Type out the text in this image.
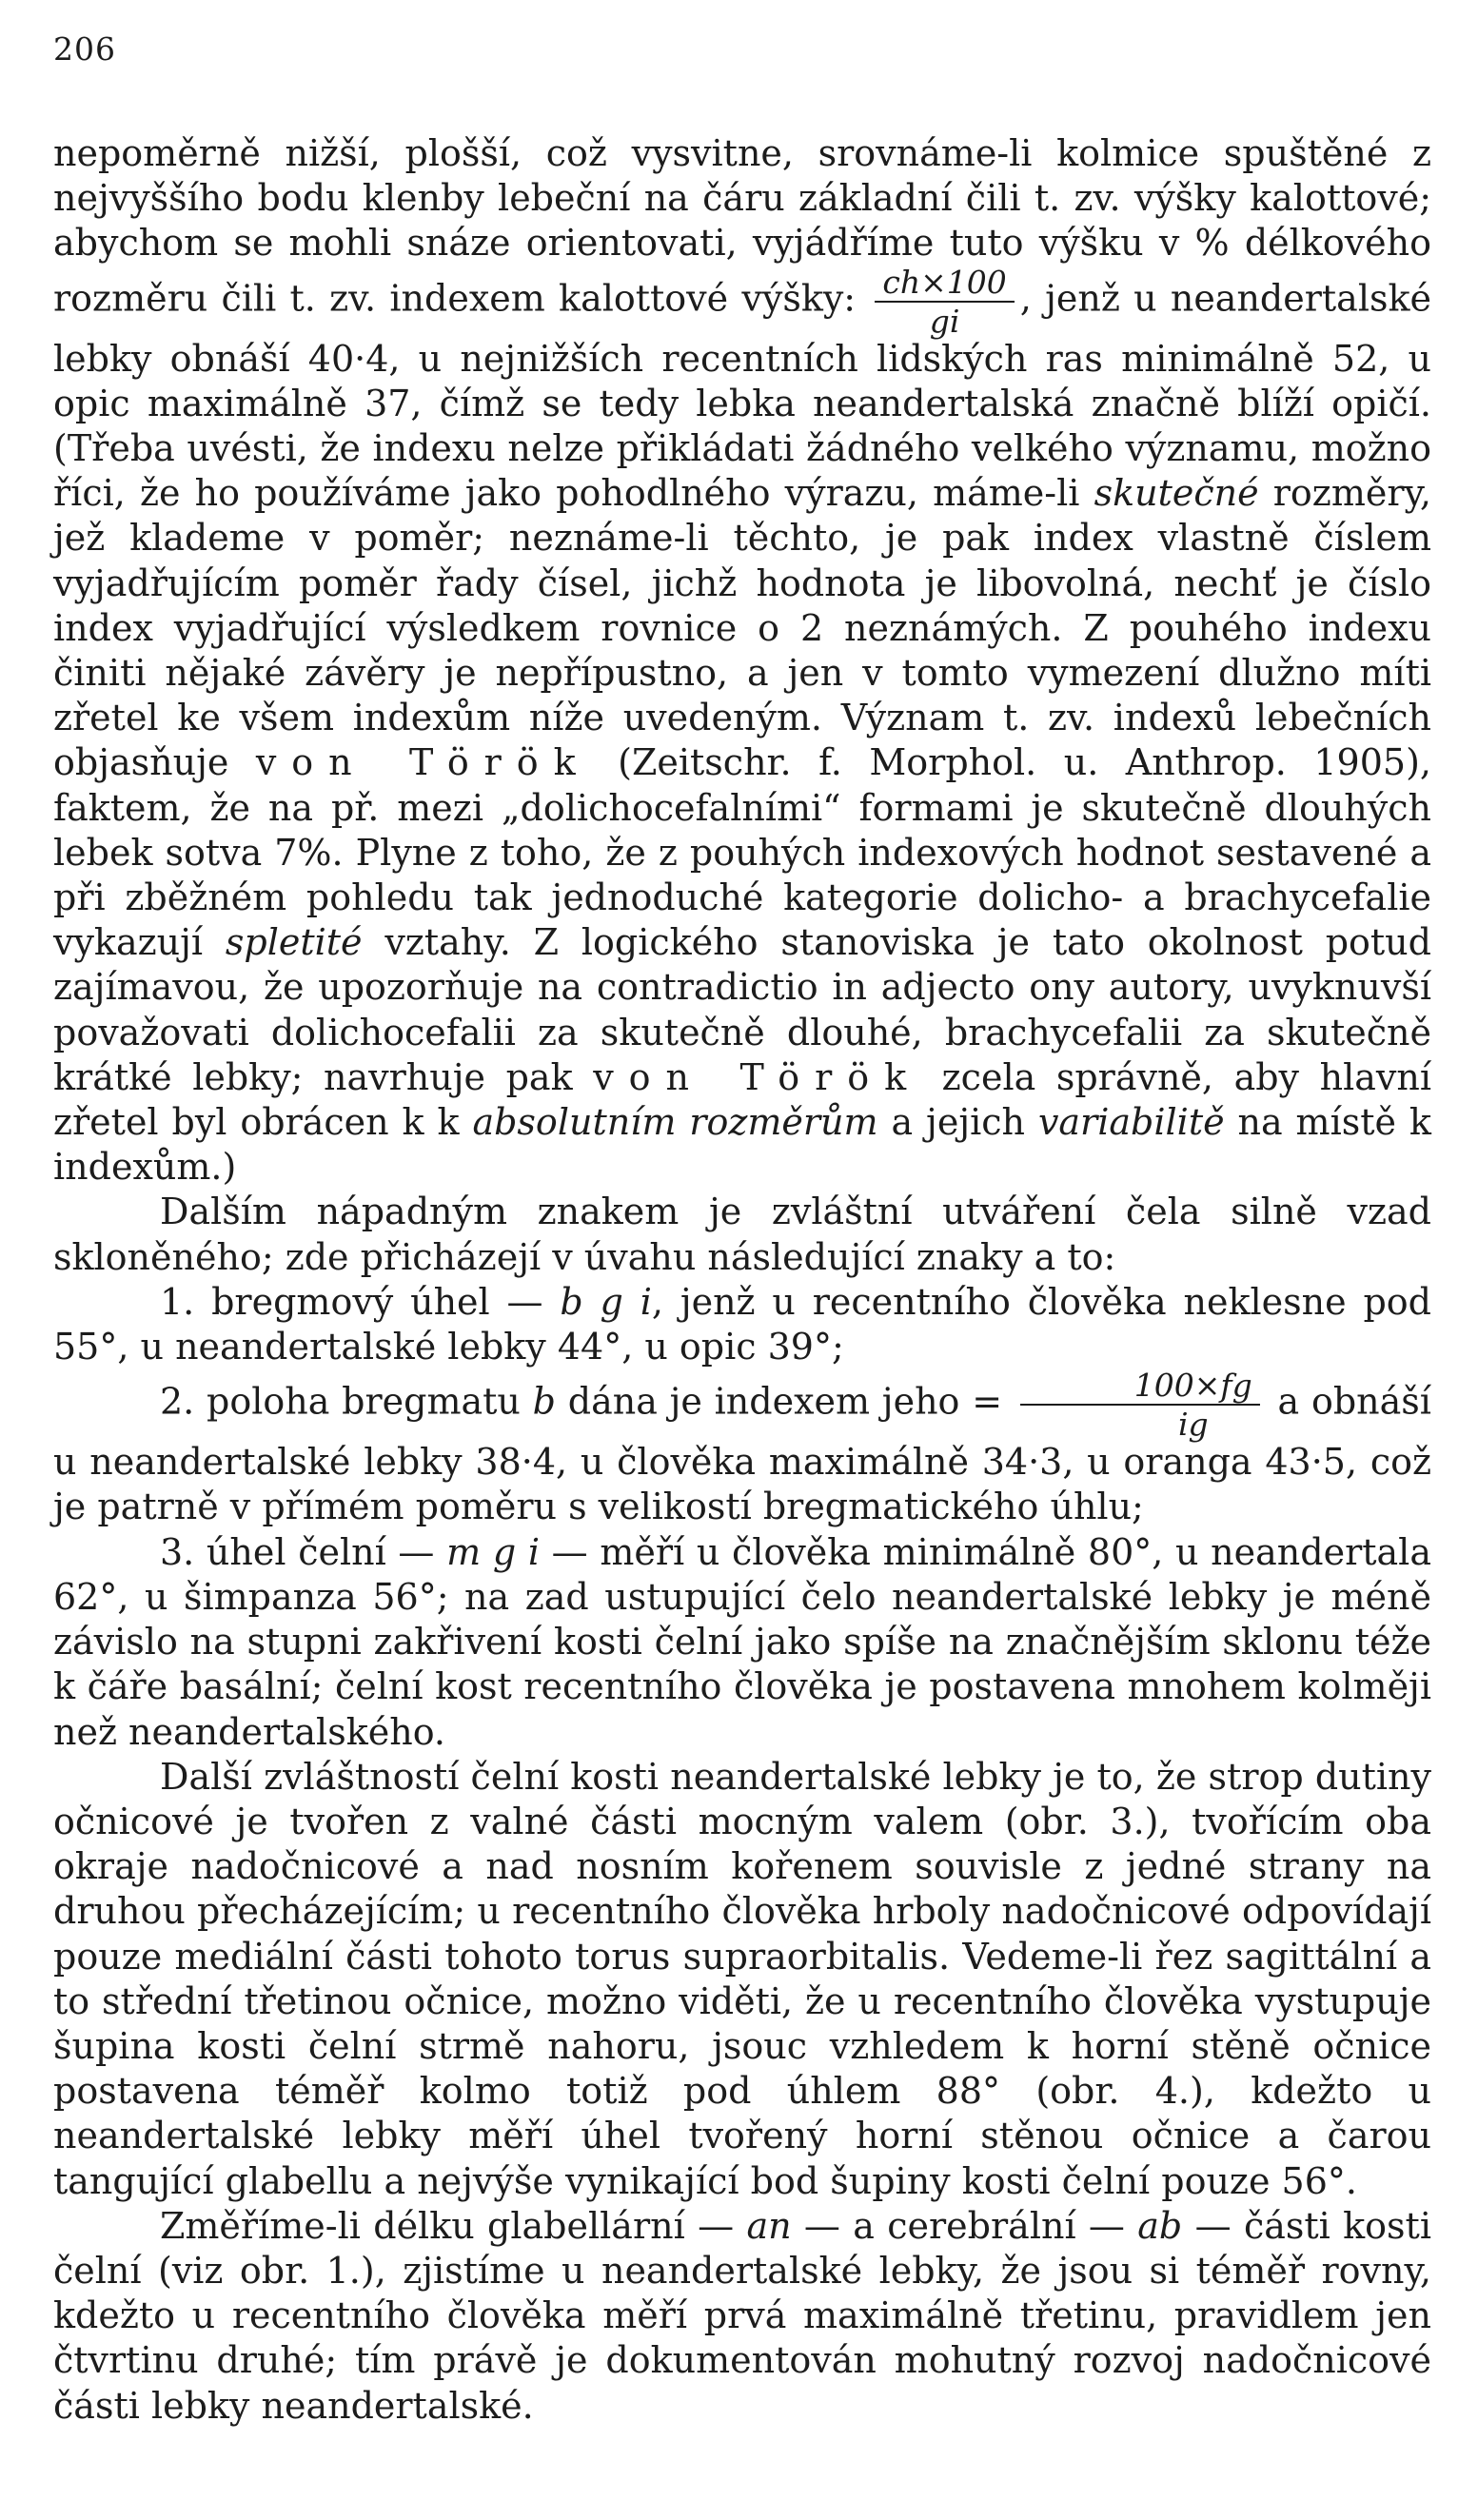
206

nepoměrně nižší, plošší, což vysvitne, srovnáme-li kolmice spuštěné z nejvyššího bodu klenby lebeční na čáru základní čili t. zv. výšky kalottové; abychom se mohli snáze orientovati, vyjádříme tuto výšku v % délkového rozměru čili t. zv. indexem kalottové výšky: $\frac{ch\times 100}{gi}$ , jenž u neandertalské lebky obnáší 40·4, u nejnižších recentních lidských ras minimálně 52, u opic maximálně 37, čímž se tedy lebka neandertalská značně blíží opičí. (Třeba uvésti, že indexu nelze přikládati žádného velkého významu, možno říci, že ho používáme jako pohodlného výrazu, máme-li skutečné rozměry, jež klademe v poměr; neznáme-li těchto, je pak index vlastně číslem vyjadřujícím poměr řady čísel, jichž hodnota je libovolná, nechť je číslo index vyjadřující výsledkem rovnice o 2 neznámých. Z pouhého indexu činiti nějaké závěry je nepřípustno, a jen v tomto vymezení dlužno míti zřetel ke všem indexům níže uvedeným. Význam t. zv. indexů lebečních objasňuje von Török (Zeitschr. f. Morphol. u. Anthrop. 1905), faktem, že na př. mezi „dolichocefalními“ formami je skutečně dlouhých lebek sotva 7%. Plyne z toho, že z pouhých indexových hodnot sestavené a při zběžném pohledu tak jednoduché kategorie dolicho- a brachycefalie vykazují spletité vztahy. Z logického stanoviska je tato okolnost potud zajímavou, že upozorňuje na contradictio in adjecto ony autory, uvyknuvší považovati dolichocefalii za skutečně dlouhé, brachycefalii za skutečně krátké lebky; navrhuje pak von Török zcela správně, aby hlavní zřetel byl obrácen k k absolutním rozměrům a jejich variabilitě na místě k indexům.)

Dalším nápadným znakem je zvláštní utváření čela silně vzad skloněného; zde přicházejí v úvahu následující znaky a to:

1. bregmový úhel — b g i, jenž u recentního člověka neklesne pod 55°, u neandertalské lebky 44°, u opic 39°;

2. poloha bregmatu b dána je indexem jeho = $\frac{100\times fg}{ig}$ a obnáší u neandertalské lebky 38·4, u člověka maximálně 34·3, u oranga 43·5, což je patrně v přímém poměru s velikostí bregmatického úhlu;

3. úhel čelní — m g i — měří u člověka minimálně 80°, u neandertala 62°, u šimpanza 56°; na zad ustupující čelo neandertalské lebky je méně závislo na stupni zakřivení kosti čelní jako spíše na značnějším sklonu téže k čáře basální; čelní kost recentního člověka je postavena mnohem kolměji než neandertalského.

Další zvláštností čelní kosti neandertalské lebky je to, že strop dutiny očnicové je tvořen z valné části mocným valem (obr. 3.), tvořícím oba okraje nadočnicové a nad nosním kořenem souvisle z jedné strany na druhou přecházejícím; u recentního člověka hrboly nadočnicové odpovídají pouze mediální části tohoto torus supraorbitalis. Vedeme-li řez sagittální a to střední třetinou očnice, možno viděti, že u recentního člověka vystupuje šupina kosti čelní strmě nahoru, jsouc vzhledem k horní stěně očnice postavena téměř kolmo totiž pod úhlem 88° (obr. 4.), kdežto u neandertalské lebky měří úhel tvořený horní stěnou očnice a čarou tangující glabellu a nejvýše vynikající bod šupiny kosti čelní pouze 56°.

Změříme-li délku glabellární — an — a cerebrální — ab — části kosti čelní (viz obr. 1.), zjistíme u neandertalské lebky, že jsou si téměř rovny, kdežto u recentního člověka měří prvá maximálně třetinu, pravidlem jen čtvrtinu druhé; tím právě je dokumentován mohutný rozvoj nadočnicové části lebky neandertalské.
